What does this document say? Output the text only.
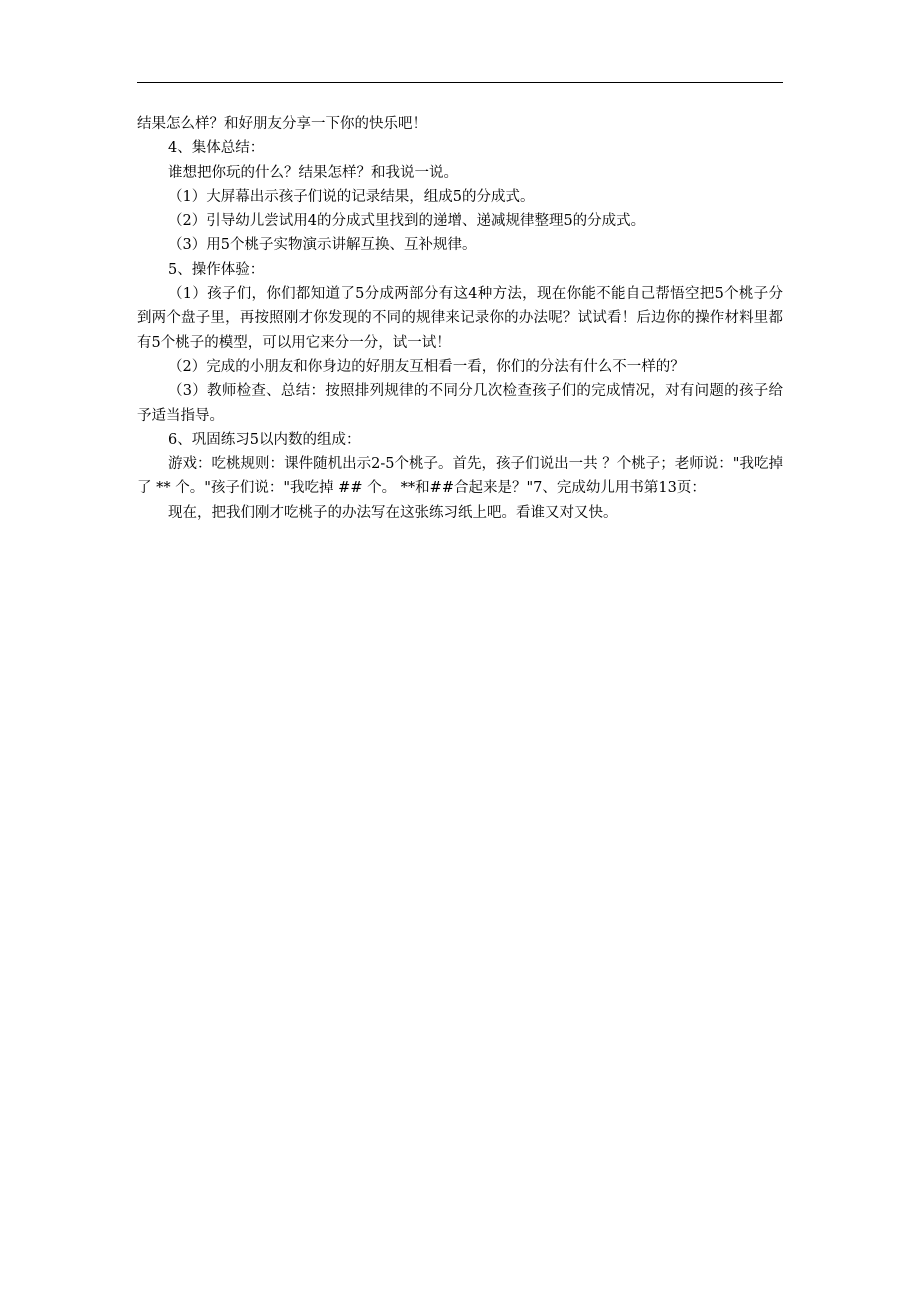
结果怎么样？和好朋友分享一下你的快乐吧！

4、集体总结：

谁想把你玩的什么？结果怎样？和我说一说。

（1）大屏幕出示孩子们说的记录结果，组成5的分成式。

（2）引导幼儿尝试用4的分成式里找到的递增、递减规律整理5的分成式。

（3）用5个桃子实物演示讲解互换、互补规律。

5、操作体验：

（1）孩子们，你们都知道了5分成两部分有这4种方法，现在你能不能自己帮悟空把5个桃子分到两个盘子里，再按照刚才你发现的不同的规律来记录你的办法呢？试试看！后边你的操作材料里都有5个桃子的模型，可以用它来分一分，试一试！

（2）完成的小朋友和你身边的好朋友互相看一看，你们的分法有什么不一样的？

（3）教师检查、总结：按照排列规律的不同分几次检查孩子们的完成情况，对有问题的孩子给予适当指导。

6、巩固练习5以内数的组成：

游戏：吃桃规则：课件随机出示2-5个桃子。首先，孩子们说出一共 ？个桃子；老师说："我吃掉了 ** 个。"孩子们说："我吃掉 ## 个。 **和##合起来是？"7、完成幼儿用书第13页：

现在，把我们刚才吃桃子的办法写在这张练习纸上吧。看谁又对又快。
